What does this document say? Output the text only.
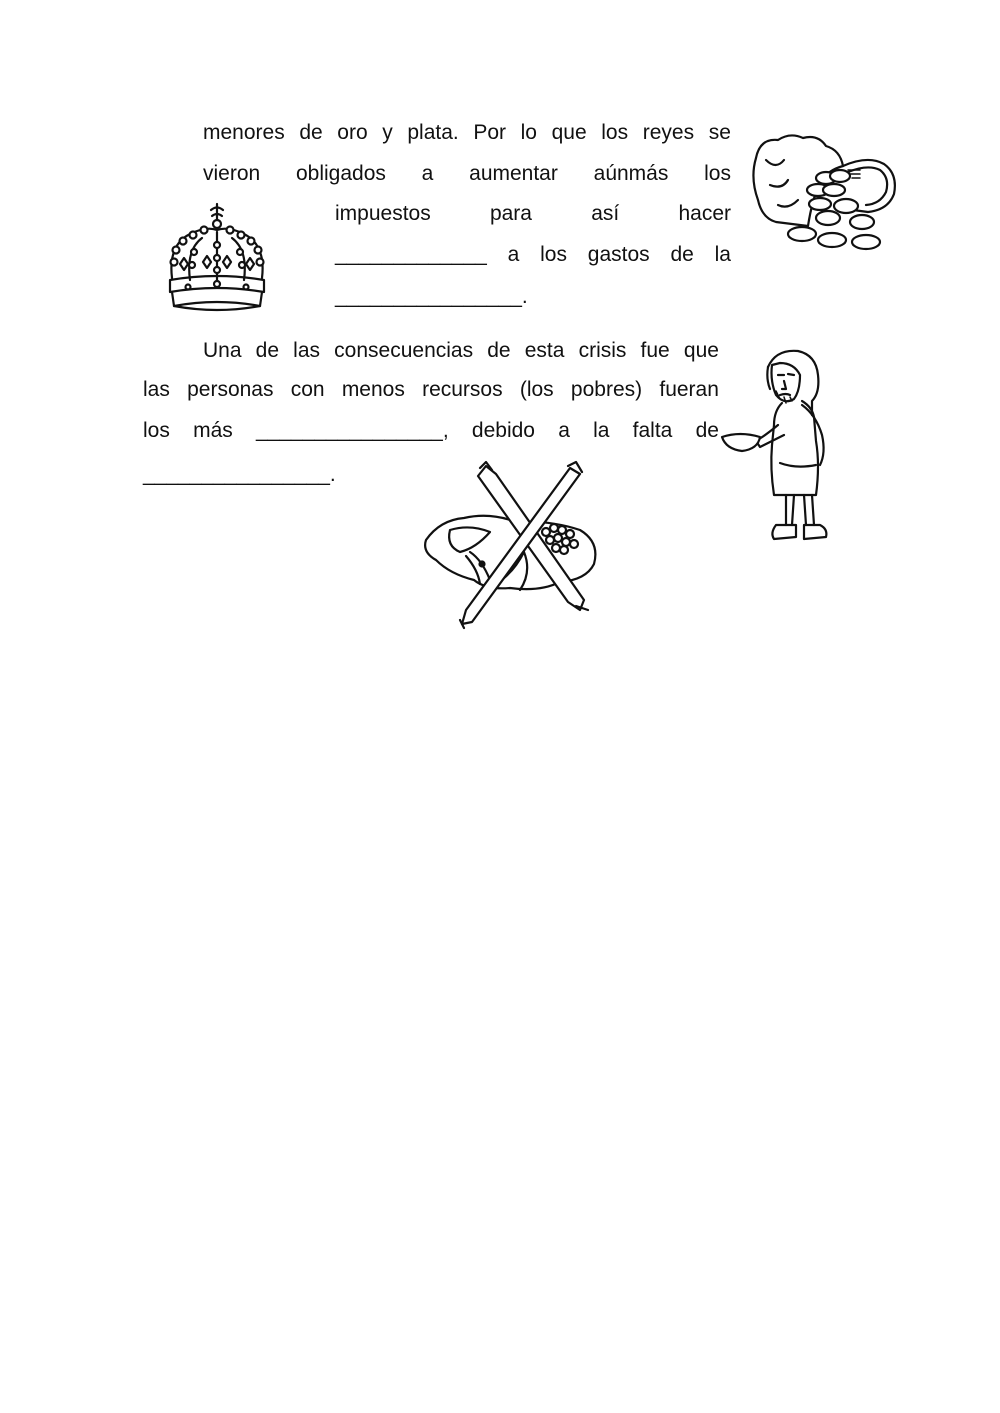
menores de oro y plata. Por lo que los reyes se
vieron obligados a aumentar aúnmás los
impuestos	para	así	hacer
_____________ a los gastos de la
________________.
Una de las consecuencias de esta crisis fue que
las personas con menos recursos (los pobres) fueran
los más ________________, debido a la falta de
________________.
